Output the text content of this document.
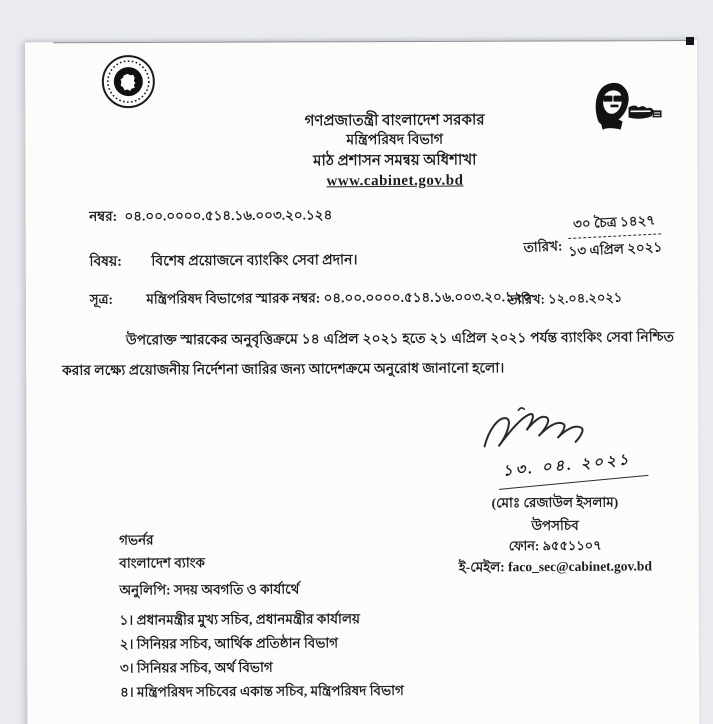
গণপ্রজাতন্ত্রী বাংলাদেশ সরকার
মন্ত্রিপরিষদ বিভাগ
মাঠ প্রশাসন সমন্বয় অধিশাখা
www.cabinet.gov.bd
নম্বর: ০৪.০০.০০০০.৫১৪.১৬.০০৩.২০.১২৪
তারিখ:
৩০ চৈত্র ১৪২৭
১৩ এপ্রিল ২০২১
বিষয়: বিশেষ প্রয়োজনে ব্যাংকিং সেবা প্রদান।
সূত্র: মন্ত্রিপরিষদ বিভাগের স্মারক নম্বর: ০৪.০০.০০০০.৫১৪.১৬.০০৩.২০.১২০
তারিখ: ১২.০৪.২০২১
উপরোক্ত স্মারকের অনুবৃত্তিক্রমে ১৪ এপ্রিল ২০২১ হতে ২১ এপ্রিল ২০২১ পর্যন্ত ব্যাংকিং সেবা নিশ্চিত করার লক্ষ্যে প্রয়োজনীয় নির্দেশনা জারির জন্য আদেশক্রমে অনুরোধ জানানো হলো।
১৩. ০৪. ২০২১
(মোঃ রেজাউল ইসলাম)
উপসচিব
ফোন: ৯৫৫১১০৭
ই-মেইল: faco_sec@cabinet.gov.bd
গভর্নর
বাংলাদেশ ব্যাংক
অনুলিপি: সদয় অবগতি ও কার্যার্থে
১। প্রধানমন্ত্রীর মুখ্য সচিব, প্রধানমন্ত্রীর কার্যালয়
২। সিনিয়র সচিব, আর্থিক প্রতিষ্ঠান বিভাগ
৩। সিনিয়র সচিব, অর্থ বিভাগ
৪। মন্ত্রিপরিষদ সচিবের একান্ত সচিব, মন্ত্রিপরিষদ বিভাগ
